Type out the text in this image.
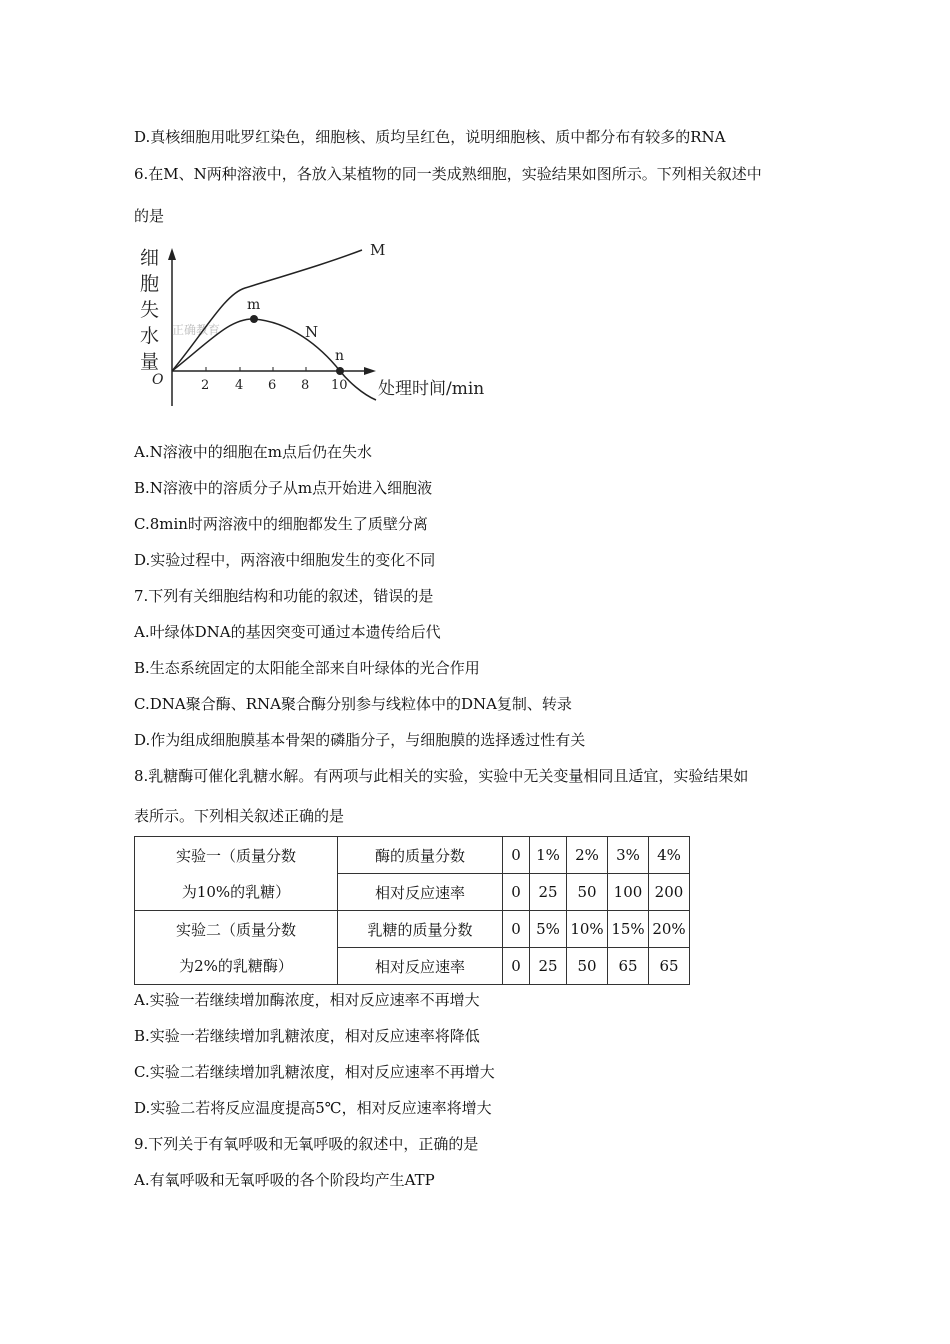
D.真核细胞用吡罗红染色，细胞核、质均呈红色，说明细胞核、质中都分布有较多的RNA
6.在M、N两种溶液中，各放入某植物的同一类成熟细胞，实验结果如图所示。下列相关叙述中
的是
细
胞
失
水
量
O	2 4 6 8 10 处理时间/min
正确教育
M
m
n
N
A.N溶液中的细胞在m点后仍在失水
B.N溶液中的溶质分子从m点开始进入细胞液
C.8min时两溶液中的细胞都发生了质壁分离
D.实验过程中，两溶液中细胞发生的变化不同
7.下列有关细胞结构和功能的叙述，错误的是
A.叶绿体DNA的基因突变可通过本遗传给后代
B.生态系统固定的太阳能全部来自叶绿体的光合作用
C.DNA聚合酶、RNA聚合酶分别参与线粒体中的DNA复制、转录
D.作为组成细胞膜基本骨架的磷脂分子，与细胞膜的选择透过性有关
8.乳糖酶可催化乳糖水解。有两项与此相关的实验，实验中无关变量相同且适宜，实验结果如
表所示。下列相关叙述正确的是
实验一（质量分数
为10%的乳糖）	酶的质量分数	0	1%	2%	3%	4%
	相对反应速率	0	25	50	100	200

实验二（质量分数
为2%的乳糖酶）	乳糖的质量分数	0	5%	10%	15%	20%
	相对反应速率	0	25	50	65	65
A.实验一若继续增加酶浓度，相对反应速率不再增大
B.实验一若继续增加乳糖浓度，相对反应速率将降低
C.实验二若继续增加乳糖浓度，相对反应速率不再增大
D.实验二若将反应温度提高5℃，相对反应速率将增大
9.下列关于有氧呼吸和无氧呼吸的叙述中，正确的是
A.有氧呼吸和无氧呼吸的各个阶段均产生ATP
